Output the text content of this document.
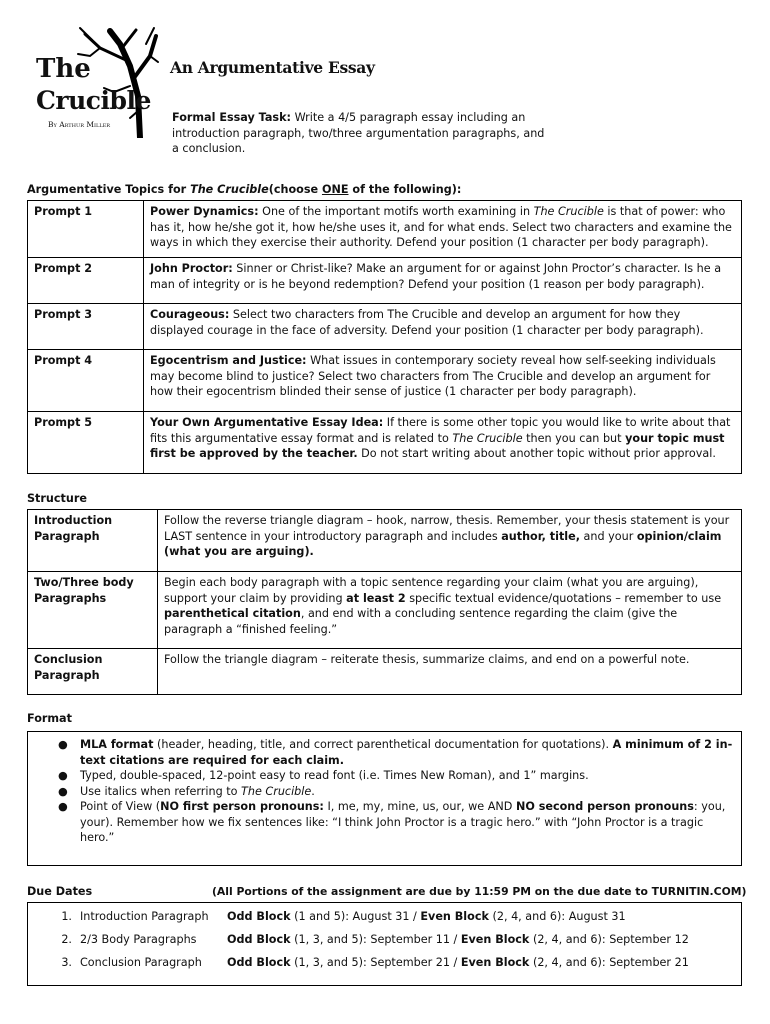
The
Crucible
By Arthur Miller
An Argumentative Essay
Formal Essay Task: Write a 4/5 paragraph essay including an introduction paragraph, two/three argumentation paragraphs, and a conclusion.
Argumentative Topics for The Crucible(choose ONE of the following):
Prompt 1	Power Dynamics: One of the important motifs worth examining in The Crucible is that of power: who has it, how he/she got it, how he/she uses it, and for what ends. Select two characters and examine the ways in which they exercise their authority. Defend your position (1 character per body paragraph).
Prompt 2	John Proctor: Sinner or Christ-like? Make an argument for or against John Proctor’s character. Is he a man of integrity or is he beyond redemption? Defend your position (1 reason per body paragraph).
Prompt 3	Courageous: Select two characters from The Crucible and develop an argument for how they displayed courage in the face of adversity. Defend your position (1 character per body paragraph).
Prompt 4	Egocentrism and Justice: What issues in contemporary society reveal how self-seeking individuals may become blind to justice? Select two characters from The Crucible and develop an argument for how their egocentrism blinded their sense of justice (1 character per body paragraph).
Prompt 5	Your Own Argumentative Essay Idea: If there is some other topic you would like to write about that fits this argumentative essay format and is related to The Crucible then you can but your topic must first be approved by the teacher. Do not start writing about another topic without prior approval.
Structure
Introduction
Paragraph	Follow the reverse triangle diagram – hook, narrow, thesis. Remember, your thesis statement is your LAST sentence in your introductory paragraph and includes author, title, and your opinion/claim (what you are arguing).
Two/Three body
Paragraphs	Begin each body paragraph with a topic sentence regarding your claim (what you are arguing), support your claim by providing at least 2 specific textual evidence/quotations – remember to use parenthetical citation, and end with a concluding sentence regarding the claim (give the paragraph a “finished feeling.”
Conclusion
Paragraph	Follow the triangle diagram – reiterate thesis, summarize claims, and end on a powerful note.
Format
● MLA format (header, heading, title, and correct parenthetical documentation for quotations). A minimum of 2 in-text citations are required for each claim.
● Typed, double-spaced, 12-point easy to read font (i.e. Times New Roman), and 1” margins.
● Use italics when referring to The Crucible.
● Point of View (NO first person pronouns: I, me, my, mine, us, our, we AND NO second person pronouns: you, your). Remember how we fix sentences like: “I think John Proctor is a tragic hero.” with “John Proctor is a tragic hero.”
Due Dates	(All Portions of the assignment are due by 11:59 PM on the due date to TURNITIN.COM)
1.	Introduction Paragraph	Odd Block (1 and 5): August 31 / Even Block (2, 4, and 6): August 31
2.	2/3 Body Paragraphs	Odd Block (1, 3, and 5): September 11 / Even Block (2, 4, and 6): September 12
3.	Conclusion Paragraph	Odd Block (1, 3, and 5): September 21 / Even Block (2, 4, and 6): September 21
